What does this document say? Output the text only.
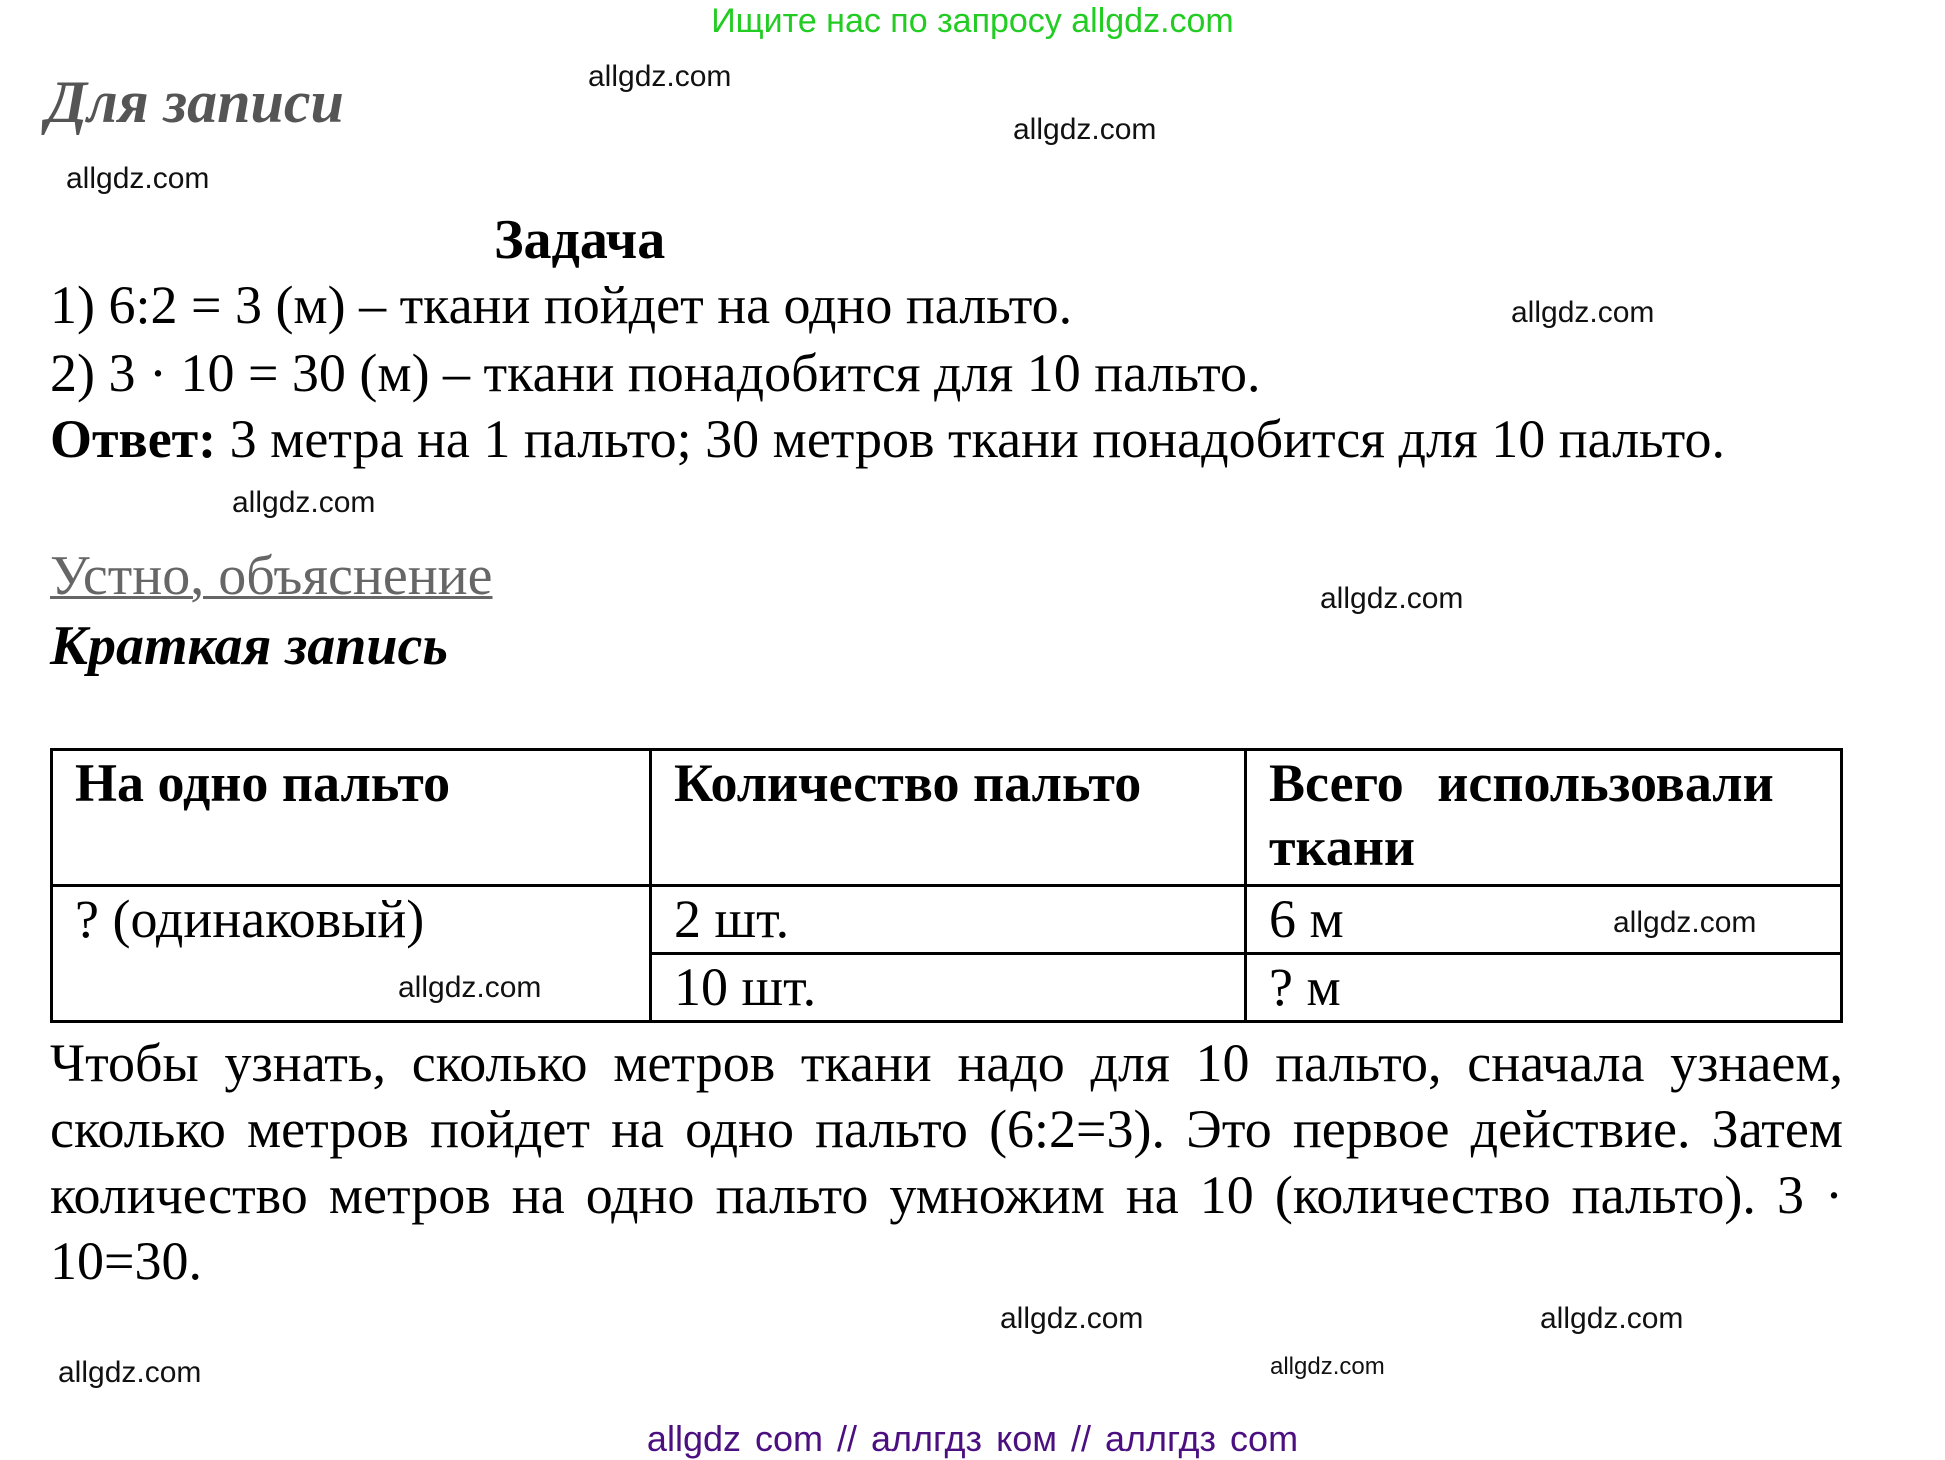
Ищите нас по запросу allgdz.com
Для записи
Задача
1) 6:2 = 3 (м) – ткани пойдет на одно пальто.
2) 3 · 10 = 30 (м) – ткани понадобится для 10 пальто.
Ответ: 3 метра на 1 пальто; 30 метров ткани понадобится для 10 пальто.
Устно, объяснение
Краткая запись
На одно пальто	Количество пальто	Всего использовали ткани
? (одинаковый)	2 шт.	6 м
	10 шт.	? м
Чтобы узнать, сколько метров ткани надо для 10 пальто, сначала узнаем, сколько метров пойдет на одно пальто (6:2=3). Это первое действие. Затем количество метров на одно пальто умножим на 10 (количество пальто). 3 · 10=30.
allgdz.com
allgdz.com
allgdz.com
allgdz.com
allgdz.com
allgdz.com
allgdz.com
allgdz.com
allgdz.com
allgdz.com
allgdz.com
allgdz.com
allgdz com // аллгдз ком // аллгдз com
